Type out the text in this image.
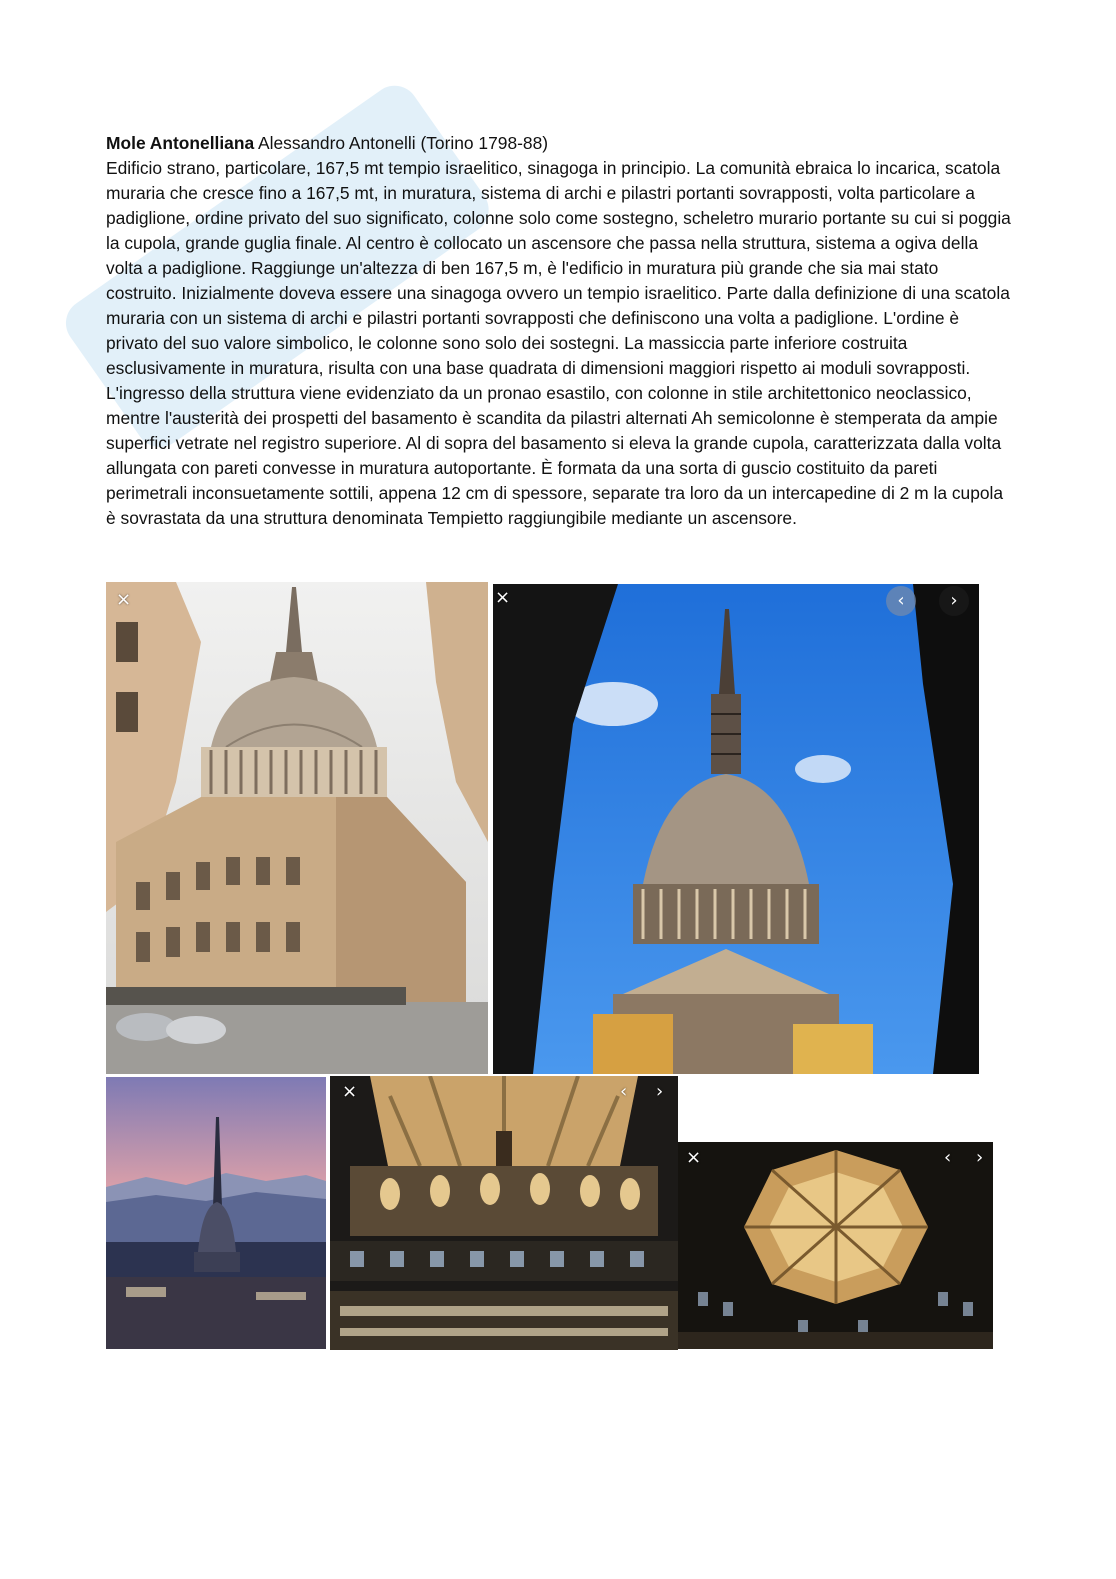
Mole Antonelliana Alessandro Antonelli (Torino 1798-88)

Edificio strano, particolare, 167,5 mt tempio israelitico, sinagoga in principio. La comunità ebraica lo incarica, scatola muraria che cresce fino a 167,5 mt, in muratura, sistema di archi e pilastri portanti sovrapposti, volta particolare a padiglione, ordine privato del suo significato, colonne solo come sostegno, scheletro murario portante su cui si poggia la cupola, grande guglia finale. Al centro è collocato un ascensore che passa nella struttura, sistema a ogiva della volta a padiglione. Raggiunge un'altezza di ben 167,5 m, è l'edificio in muratura più grande che sia mai stato costruito. Inizialmente doveva essere una sinagoga ovvero un tempio israelitico. Parte dalla definizione di una scatola muraria con un sistema di archi e pilastri portanti sovrapposti che definiscono una volta a padiglione. L'ordine è privato del suo valore simbolico, le colonne sono solo dei sostegni. La massiccia parte inferiore costruita esclusivamente in muratura, risulta con una base quadrata di dimensioni maggiori rispetto ai moduli sovrapposti. L'ingresso della struttura viene evidenziato da un pronao esastilo, con colonne in stile architettonico neoclassico, mentre l'austerità dei prospetti del basamento è scandita da pilastri alternati Ah semicolonne è stemperata da ampie superfici vetrate nel registro superiore. Al di sopra del basamento si eleva la grande cupola, caratterizzata dalla volta allungata con pareti convesse in muratura autoportante. È formata da una sorta di guscio costituito da pareti perimetrali inconsuetamente sottili, appena 12 cm di spessore, separate tra loro da un intercapedine di 2 m la cupola è sovrastata da una struttura denominata Tempietto raggiungibile mediante un ascensore.

×	×	‹	›
×	‹ ›
×	‹ ›
